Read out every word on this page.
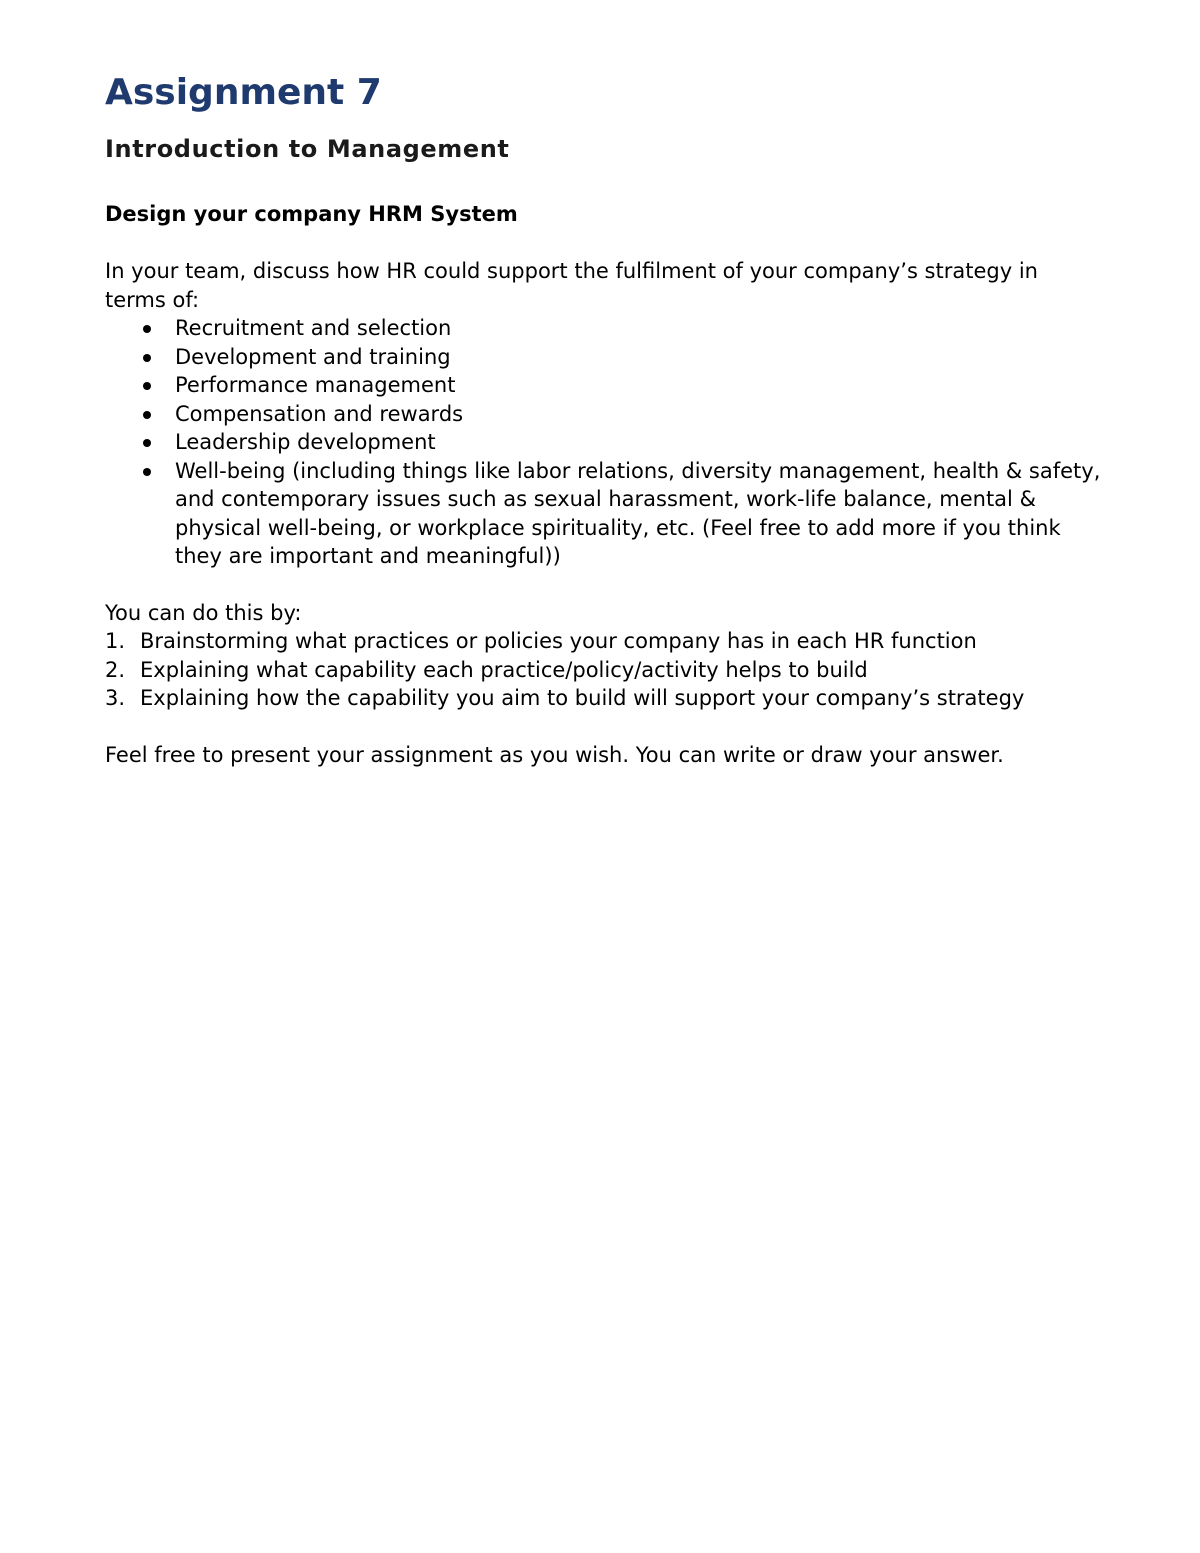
Assignment 7
Introduction to Management

Design your company HRM System

In your team, discuss how HR could support the fulfilment of your company’s strategy in terms of:

Recruitment and selection
Development and training
Performance management
Compensation and rewards
Leadership development
Well-being (including things like labor relations, diversity management, health & safety, and contemporary issues such as sexual harassment, work-life balance, mental & physical well-being, or workplace spirituality, etc. (Feel free to add more if you think they are important and meaningful))

You can do this by:

1. Brainstorming what practices or policies your company has in each HR function
2. Explaining what capability each practice/policy/activity helps to build
3. Explaining how the capability you aim to build will support your company’s strategy

Feel free to present your assignment as you wish. You can write or draw your answer.
